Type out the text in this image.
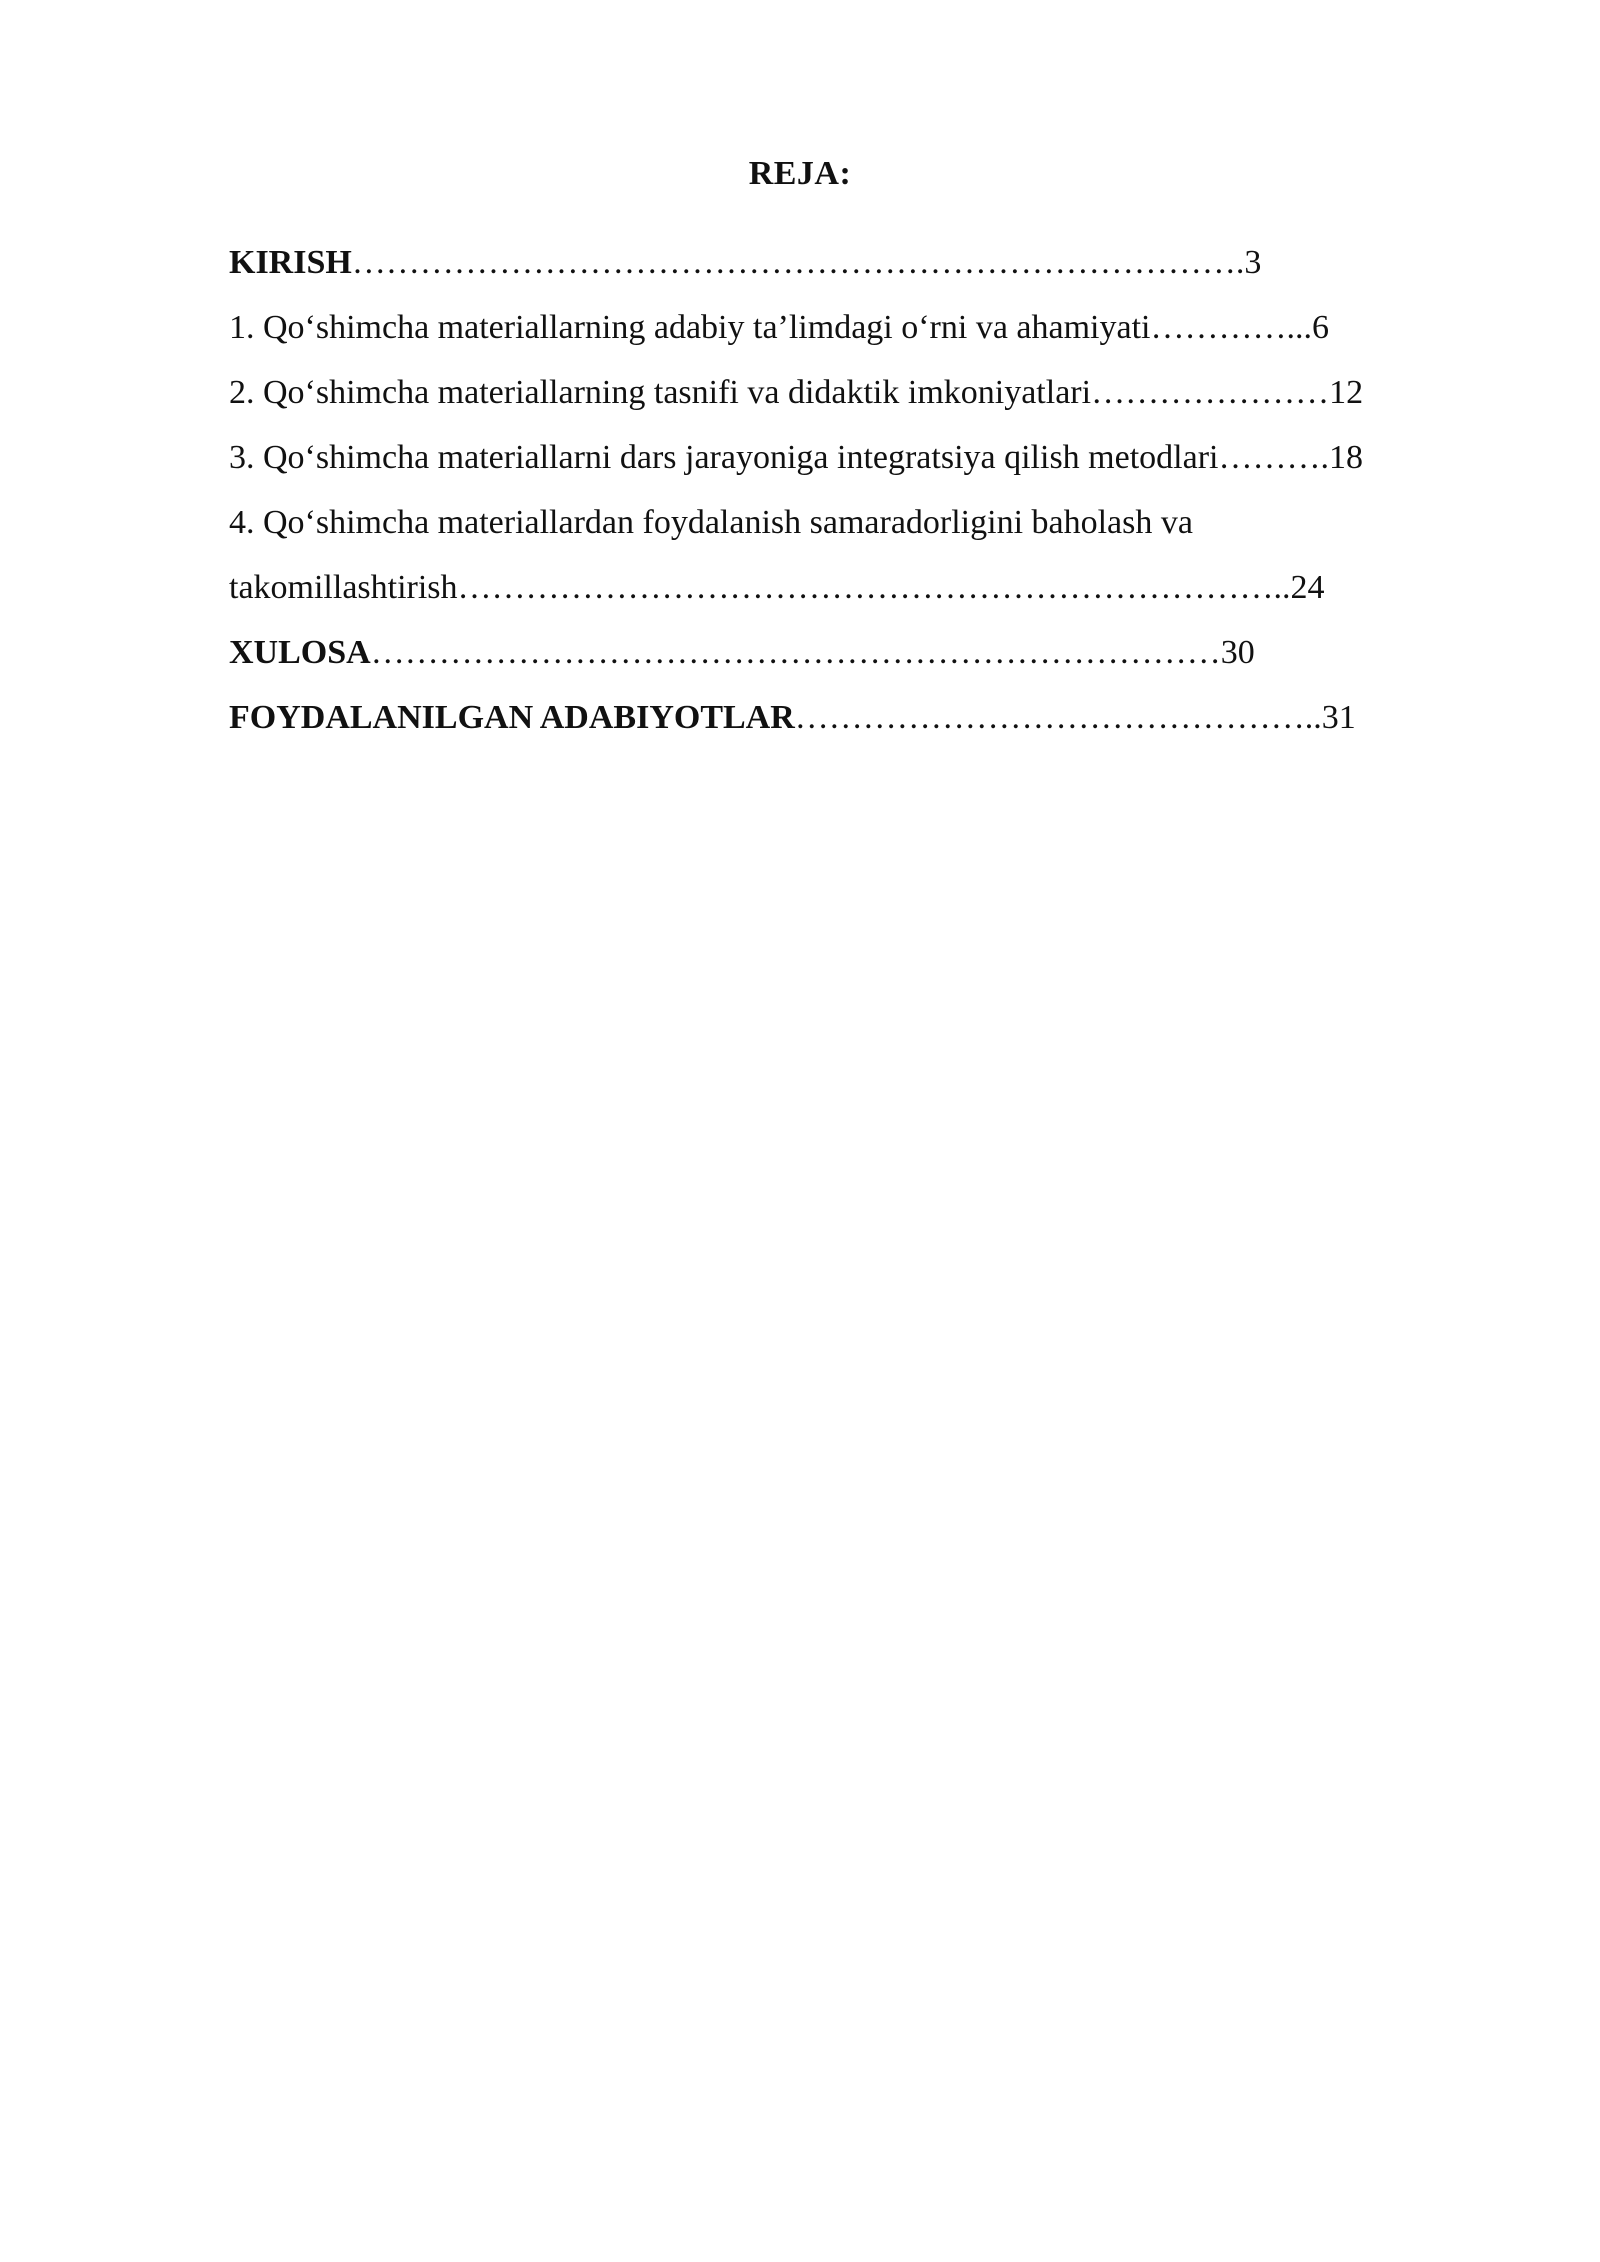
REJA:
KIRISH…………………………………………………………………….3
1. Qo‘shimcha materiallarning adabiy ta’limdagi o‘rni va ahamiyati…………...6
2. Qo‘shimcha materiallarning tasnifi va didaktik imkoniyatlari…………………12
3. Qo‘shimcha materiallarni dars jarayoniga integratsiya qilish metodlari……….18
4. Qo‘shimcha materiallardan foydalanish samaradorligini baholash va
takomillashtirish………………………………………………………………..24
XULOSA…………………………………………………………………30
FOYDALANILGAN ADABIYOTLAR………………………………………..31
